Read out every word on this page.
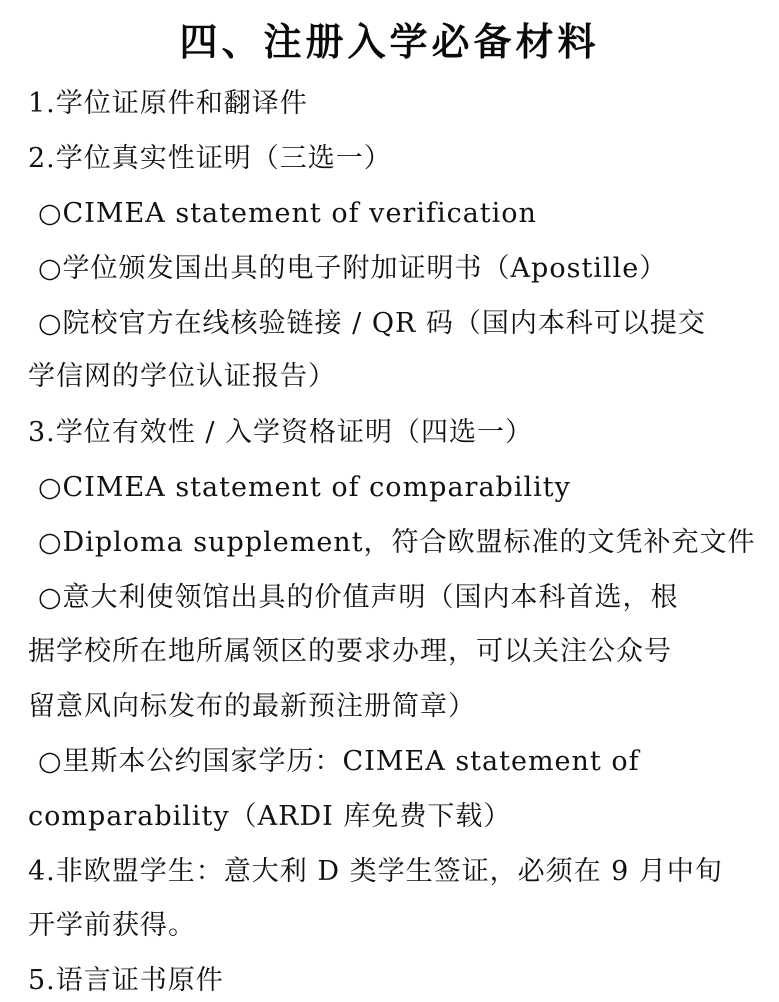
四、注册入学必备材料
1.学位证原件和翻译件
2.学位真实性证明（三选一）
○CIMEA statement of verification
○学位颁发国出具的电子附加证明书（Apostille）
○院校官方在线核验链接 / QR 码（国内本科可以提交
学信网的学位认证报告）
3.学位有效性 / 入学资格证明（四选一）
○CIMEA statement of comparability
○Diploma supplement，符合欧盟标准的文凭补充文件
○意大利使领馆出具的价值声明（国内本科首选，根
据学校所在地所属领区的要求办理，可以关注公众号
留意风向标发布的最新预注册简章）
○里斯本公约国家学历：CIMEA statement of
comparability（ARDI 库免费下载）
4.非欧盟学生：意大利 D 类学生签证，必须在 9 月中旬
开学前获得。
5.语言证书原件
